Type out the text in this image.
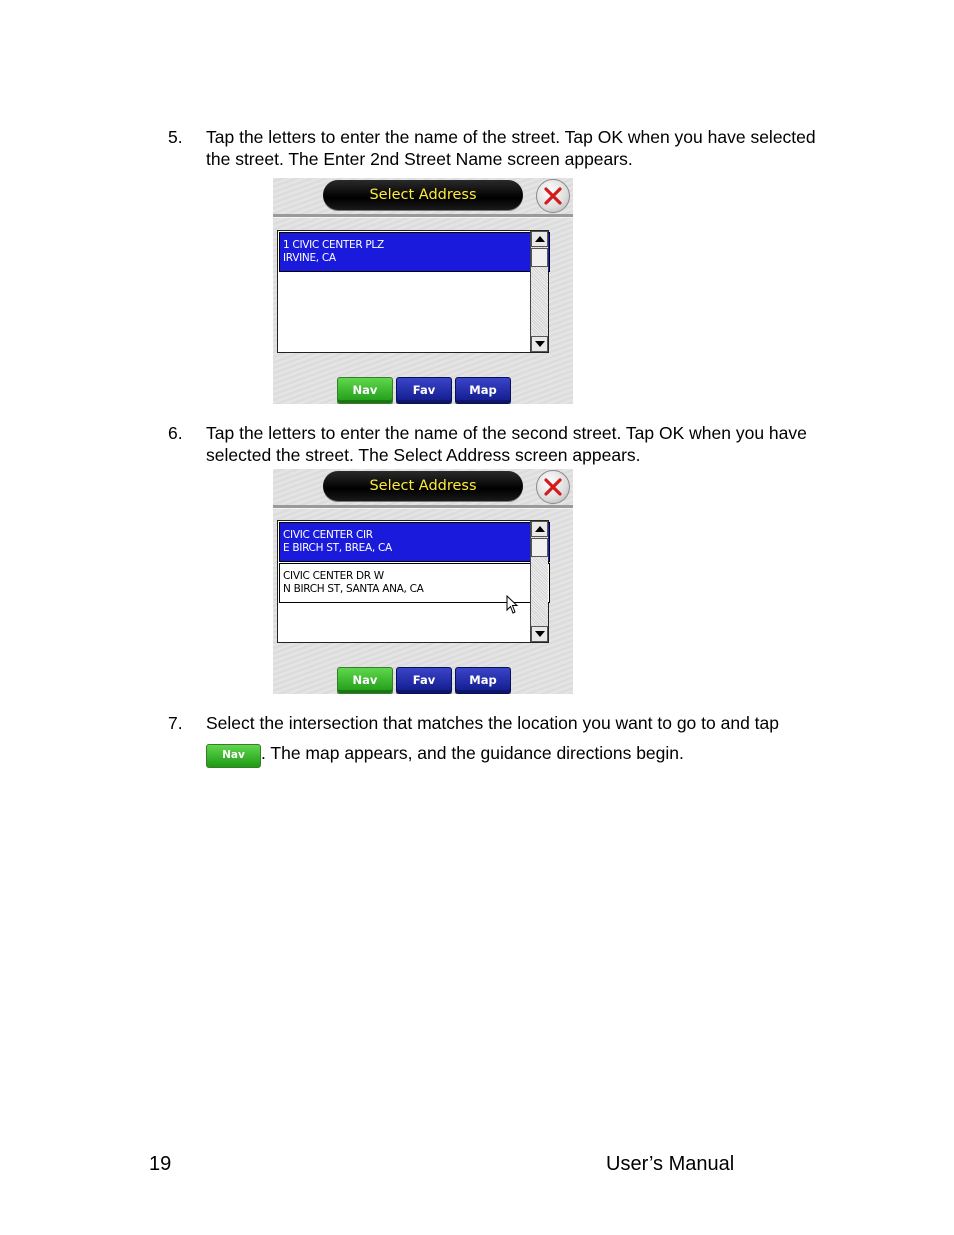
5. Tap the letters to enter the name of the street. Tap OK when you have selected the street. The Enter 2nd Street Name screen appears.
Select Address
1 CIVIC CENTER PLZ
IRVINE, CA
Nav	Fav	Map
6. Tap the letters to enter the name of the second street. Tap OK when you have selected the street. The Select Address screen appears.
Select Address
CIVIC CENTER CIR
E BIRCH ST, BREA, CA
CIVIC CENTER DR W
N BIRCH ST, SANTA ANA, CA
Nav	Fav	Map
7. Select the intersection that matches the location you want to go to and tap
Nav . The map appears, and the guidance directions begin.
19	User’s Manual
